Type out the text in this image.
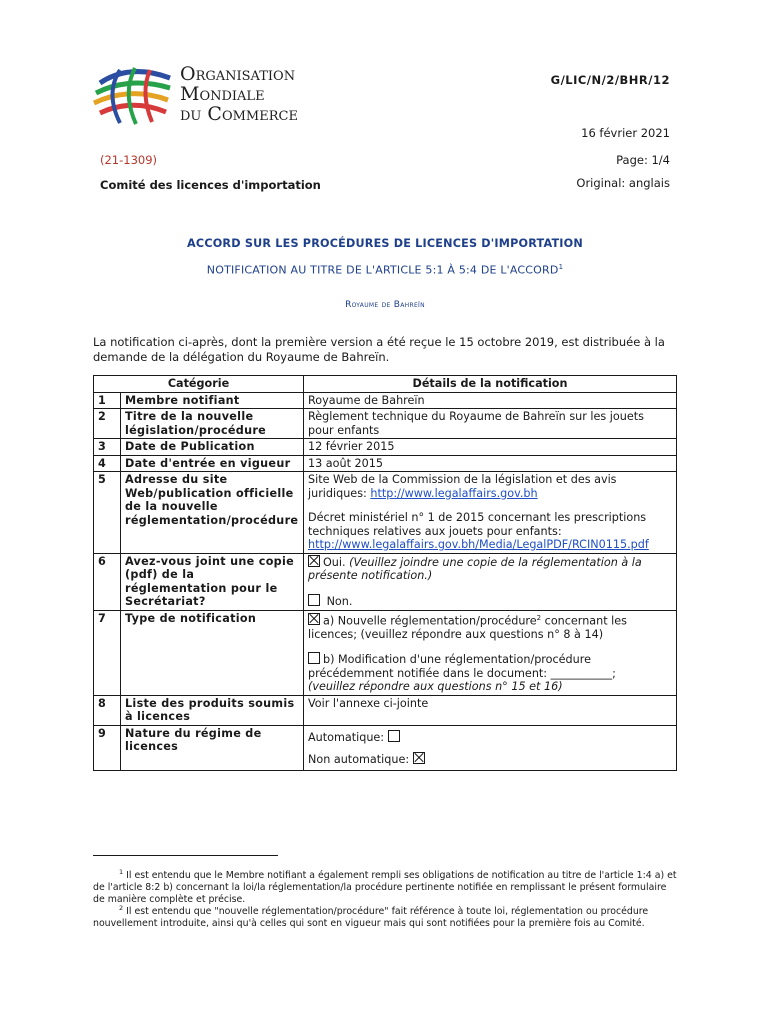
Organisation
Mondiale
du Commerce
G/LIC/N/2/BHR/12
16 février 2021
(21-1309)	Page: 1/4
Comité des licences d'importation	Original: anglais
ACCORD SUR LES PROCÉDURES DE LICENCES D'IMPORTATION
NOTIFICATION AU TITRE DE L'ARTICLE 5:1 À 5:4 DE L'ACCORD$^1$
Royaume de Bahreïn
La notification ci-après, dont la première version a été reçue le 15 octobre 2019, est distribuée à la demande de la délégation du Royaume de Bahreïn.
Catégorie		Détails de la notification
1	Membre notifiant	Royaume de Bahreïn
2	Titre de la nouvelle législation/procédure	Règlement technique du Royaume de Bahreïn sur les jouets pour enfants
3	Date de Publication	12 février 2015
4	Date d'entrée en vigueur	13 août 2015
5	Adresse du site Web/publication officielle de la nouvelle réglementation/procédure	Site Web de la Commission de la législation et des avis juridiques: http://www.legalaffairs.gov.bh
Décret ministériel n° 1 de 2015 concernant les prescriptions techniques relatives aux jouets pour enfants:
http://www.legalaffairs.gov.bh/Media/LegalPDF/RCIN0115.pdf
6	Avez-vous joint une copie (pdf) de la réglementation pour le Secrétariat?	Oui. (Veuillez joindre une copie de la réglementation à la présente notification.)
Non.
7	Type de notification	a) Nouvelle réglementation/procédure$^2$ concernant les licences; (veuillez répondre aux questions n° 8 à 14)
b) Modification d'une réglementation/procédure précédemment notifiée dans le document: ___________;
(veuillez répondre aux questions n° 15 et 16)
8	Liste des produits soumis à licences	Voir l'annexe ci-jointe
9	Nature du régime de licences	Automatique:
Non automatique:
$^1$ Il est entendu que le Membre notifiant a également rempli ses obligations de notification au titre de l'article 1:4 a) et de l'article 8:2 b) concernant la loi/la réglementation/la procédure pertinente notifiée en remplissant le présent formulaire de manière complète et précise.
$^2$ Il est entendu que "nouvelle réglementation/procédure" fait référence à toute loi, réglementation ou procédure nouvellement introduite, ainsi qu'à celles qui sont en vigueur mais qui sont notifiées pour la première fois au Comité.
